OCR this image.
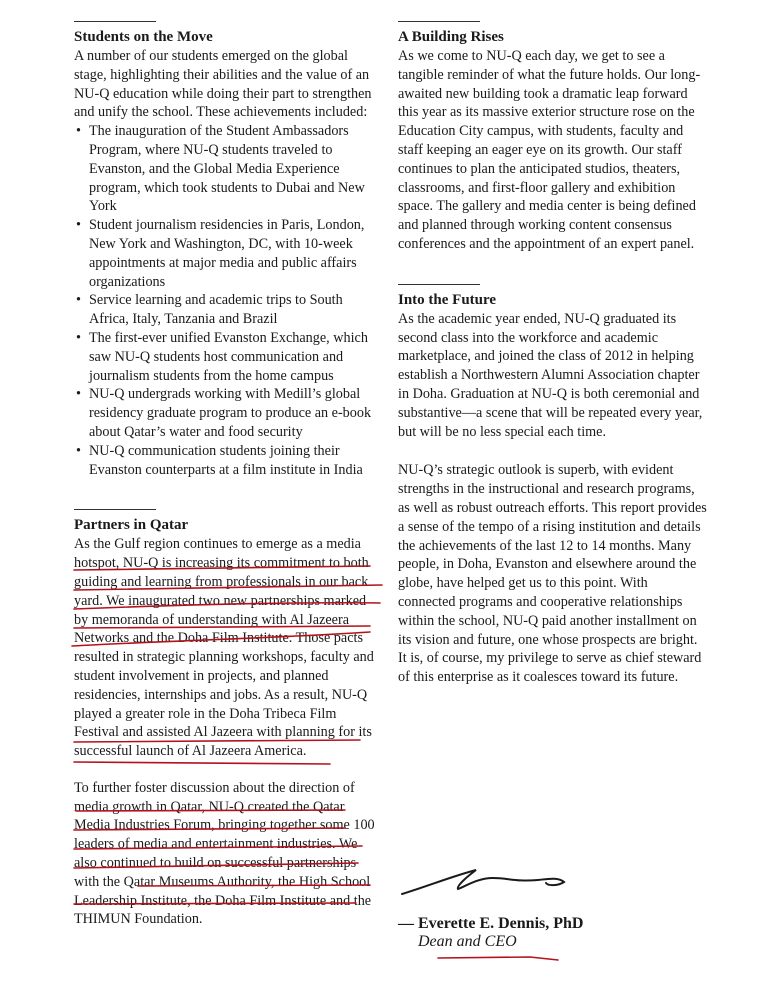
Students on the Move

A number of our students emerged on the global stage, highlighting their abilities and the value of an NU-Q education while doing their part to strengthen and unify the school. These achievements included:

• The inauguration of the Student Ambassadors Program, where NU-Q students traveled to Evanston, and the Global Media Experience program, which took students to Dubai and New York
• Student journalism residencies in Paris, London, New York and Washington, DC, with 10-week appointments at major media and public affairs organizations
• Service learning and academic trips to South Africa, Italy, Tanzania and Brazil
• The first-ever unified Evanston Exchange, which saw NU-Q students host communication and journalism students from the home campus
• NU-Q undergrads working with Medill’s global residency graduate program to produce an e-book about Qatar’s water and food security
• NU-Q communication students joining their Evanston counterparts at a film institute in India
Partners in Qatar

As the Gulf region continues to emerge as a media hotspot, NU-Q is increasing its commitment to both guiding and learning from professionals in our back yard. We inaugurated two new partnerships marked by memoranda of understanding with Al Jazeera Networks and the Doha Film Institute. Those pacts resulted in strategic planning workshops, faculty and student involvement in projects, and planned residencies, internships and jobs. As a result, NU-Q played a greater role in the Doha Tribeca Film Festival and assisted Al Jazeera with planning for its successful launch of Al Jazeera America.

To further foster discussion about the direction of media growth in Qatar, NU-Q created the Qatar Media Industries Forum, bringing together some 100 leaders of media and entertainment industries. We also continued to build on successful partnerships with the Qatar Museums Authority, the High School Leadership Institute, the Doha Film Institute and the THIMUN Foundation.

A Building Rises

As we come to NU-Q each day, we get to see a tangible reminder of what the future holds. Our long-awaited new building took a dramatic leap forward this year as its massive exterior structure rose on the Education City campus, with students, faculty and staff keeping an eager eye on its growth. Our staff continues to plan the anticipated studios, theaters, classrooms, and first-floor gallery and exhibition space. The gallery and media center is being defined and planned through working content consensus conferences and the appointment of an expert panel.

Into the Future

As the academic year ended, NU-Q graduated its second class into the workforce and academic marketplace, and joined the class of 2012 in helping establish a Northwestern Alumni Association chapter in Doha. Graduation at NU-Q is both ceremonial and substantive—a scene that will be repeated every year, but will be no less special each time.

NU-Q’s strategic outlook is superb, with evident strengths in the instructional and research programs, as well as robust outreach efforts. This report provides a sense of the tempo of a rising institution and details the achievements of the last 12 to 14 months. Many people, in Doha, Evanston and elsewhere around the globe, have helped get us to this point. With connected programs and cooperative relationships within the school, NU-Q paid another installment on its vision and future, one whose prospects are bright. It is, of course, my privilege to serve as chief steward of this enterprise as it coalesces toward its future.

— Everette E. Dennis, PhD
Dean and CEO
